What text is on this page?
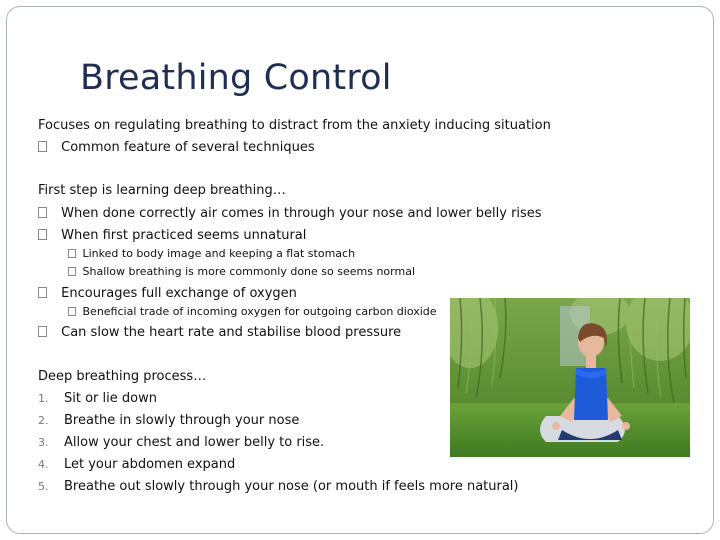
Breathing Control
Focuses on regulating breathing to distract from the anxiety inducing situation
Common feature of several techniques
First step is learning deep breathing…
When done correctly air comes in through your nose and lower belly rises
When first practiced seems unnatural
Linked to body image and keeping a flat stomach
Shallow breathing is more commonly done so seems normal
Encourages full exchange of oxygen
Beneficial trade of incoming oxygen for outgoing carbon dioxide
Can slow the heart rate and stabilise blood pressure
Deep breathing process…
1. Sit or lie down
2. Breathe in slowly through your nose
3. Allow your chest and lower belly to rise.
4. Let your abdomen expand
5. Breathe out slowly through your nose (or mouth if feels more natural)
